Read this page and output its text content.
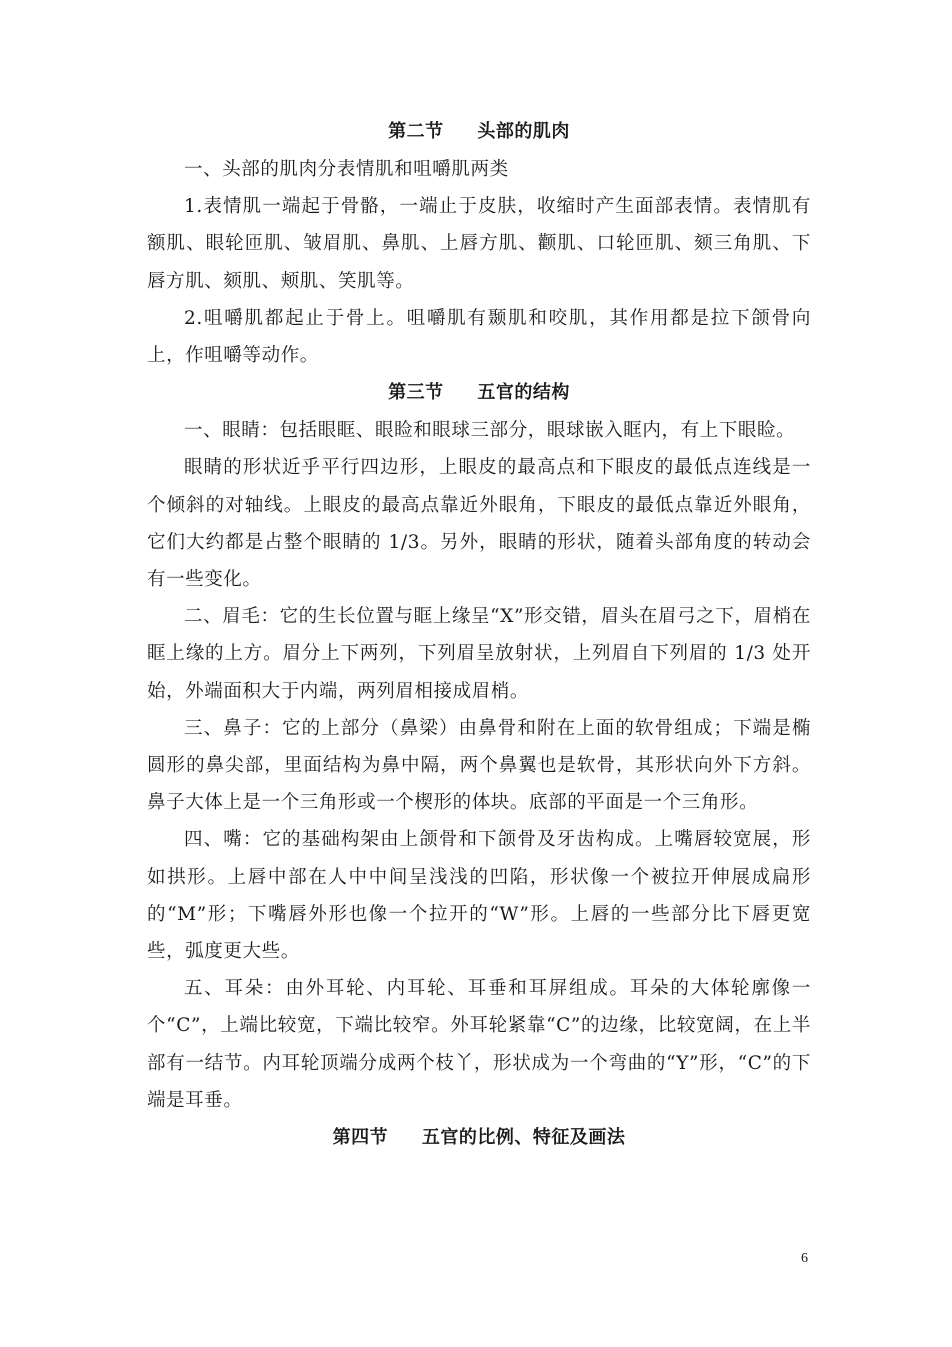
第二节     头部的肌肉

一、头部的肌肉分表情肌和咀嚼肌两类

1.表情肌一端起于骨骼，一端止于皮肤，收缩时产生面部表情。表情肌有额肌、眼轮匝肌、皱眉肌、鼻肌、上唇方肌、颧肌、口轮匝肌、颏三角肌、下唇方肌、颏肌、颊肌、笑肌等。

2.咀嚼肌都起止于骨上。咀嚼肌有颞肌和咬肌，其作用都是拉下颌骨向上，作咀嚼等动作。

第三节     五官的结构

一、眼睛：包括眼眶、眼睑和眼球三部分，眼球嵌入眶内，有上下眼睑。

眼睛的形状近乎平行四边形，上眼皮的最高点和下眼皮的最低点连线是一个倾斜的对轴线。上眼皮的最高点靠近外眼角，下眼皮的最低点靠近外眼角，它们大约都是占整个眼睛的 1/3。另外，眼睛的形状，随着头部角度的转动会有一些变化。

二、眉毛：它的生长位置与眶上缘呈“X”形交错，眉头在眉弓之下，眉梢在眶上缘的上方。眉分上下两列，下列眉呈放射状，上列眉自下列眉的 1/3 处开始，外端面积大于内端，两列眉相接成眉梢。

三、鼻子：它的上部分（鼻梁）由鼻骨和附在上面的软骨组成；下端是椭圆形的鼻尖部，里面结构为鼻中隔，两个鼻翼也是软骨，其形状向外下方斜。鼻子大体上是一个三角形或一个楔形的体块。底部的平面是一个三角形。

四、嘴：它的基础构架由上颌骨和下颌骨及牙齿构成。上嘴唇较宽展，形如拱形。上唇中部在人中中间呈浅浅的凹陷，形状像一个被拉开伸展成扁形的“M”形；下嘴唇外形也像一个拉开的“W”形。上唇的一些部分比下唇更宽些，弧度更大些。

五、耳朵：由外耳轮、内耳轮、耳垂和耳屏组成。耳朵的大体轮廓像一个“C”，上端比较宽，下端比较窄。外耳轮紧靠“C”的边缘，比较宽阔，在上半部有一结节。内耳轮顶端分成两个枝丫，形状成为一个弯曲的“Y”形，“C”的下端是耳垂。

第四节     五官的比例、特征及画法
6
